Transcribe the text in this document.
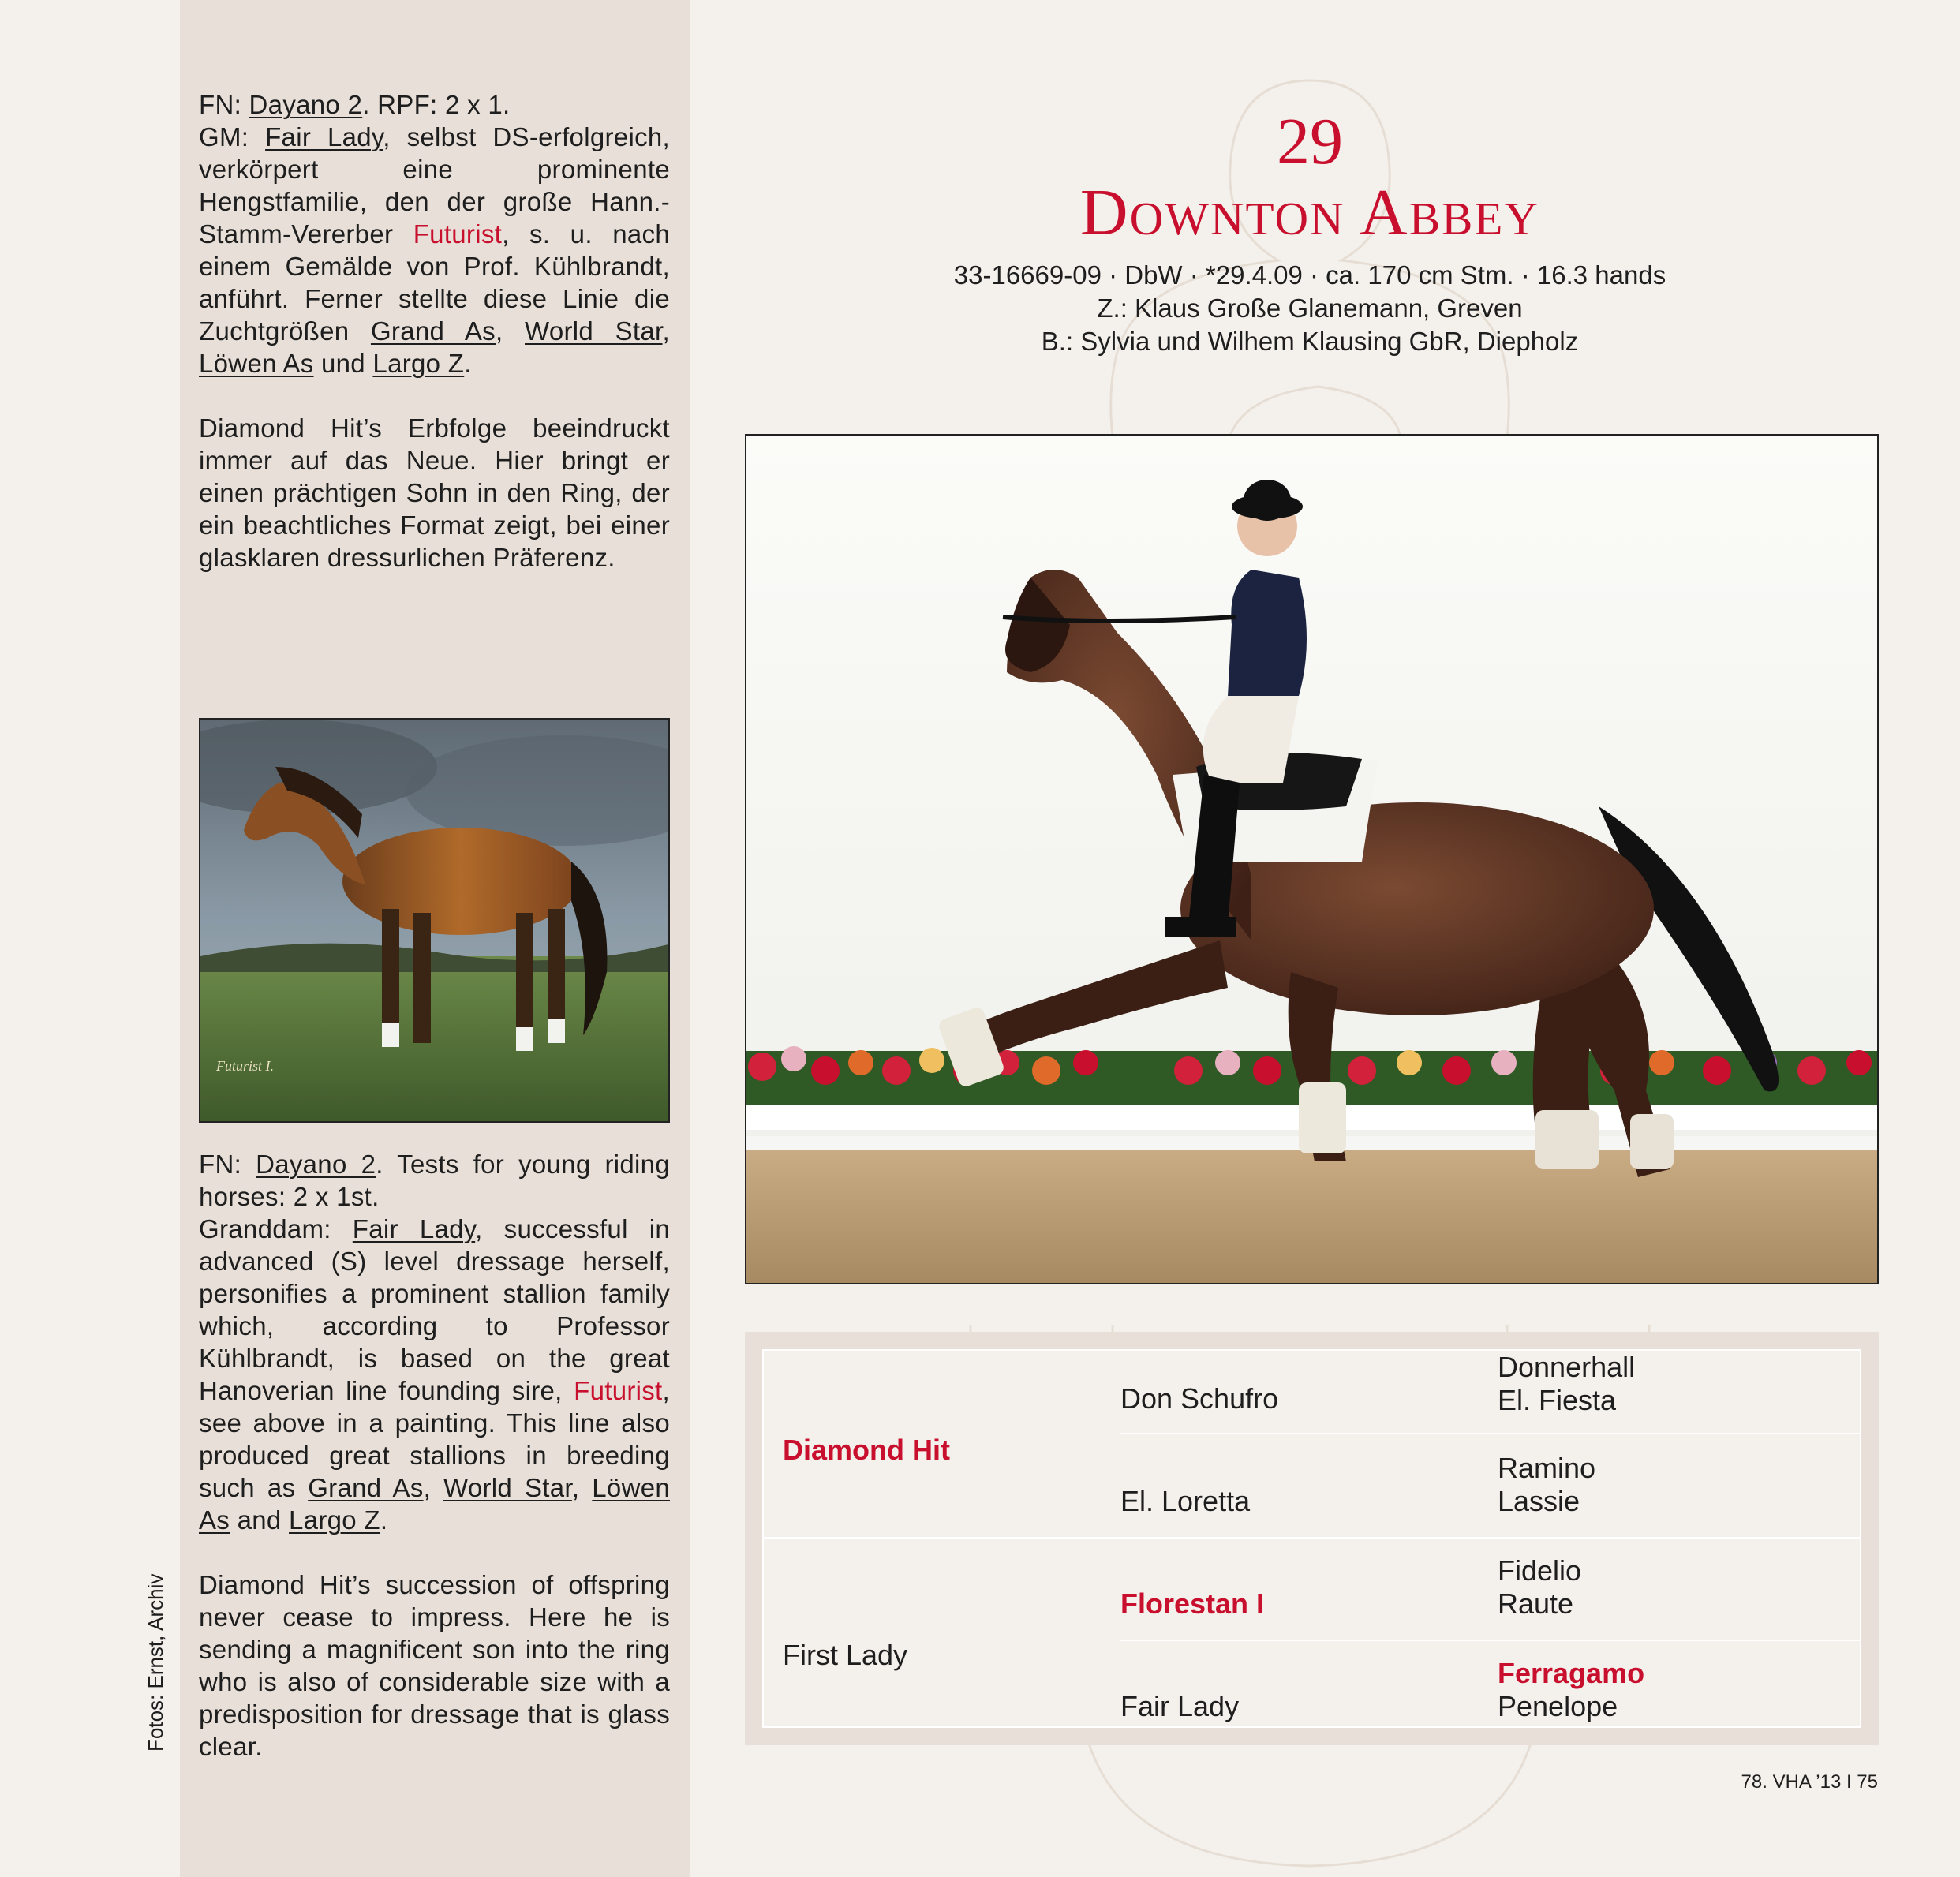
FN: Dayano 2. RPF: 2 x 1.
GM: Fair Lady, selbst DS-erfolgreich, verkörpert eine prominente Hengstfamilie, den der große Hann.-Stamm-Vererber Futurist, s. u. nach einem Gemälde von Prof. Kühlbrandt, anführt. Ferner stellte diese Linie die Zuchtgrößen Grand As, World Star, Löwen As und Largo Z.

Diamond Hit’s Erbfolge beeindruckt immer auf das Neue. Hier bringt er einen prächtigen Sohn in den Ring, der ein beachtliches Format zeigt, bei einer glasklaren dressurlichen Präferenz.

Futurist I.

FN: Dayano 2. Tests for young riding horses: 2 x 1st.
Granddam: Fair Lady, successful in advanced (S) level dressage herself, personifies a prominent stallion family which, according to Professor Kühlbrandt, is based on the great Hanoverian line founding sire, Futurist, see above in a painting. This line also produced great stallions in breeding such as Grand As, World Star, Löwen As and Largo Z.

Diamond Hit’s succession of offspring never cease to impress. Here he is sending a magnificent son into the ring who is also of considerable size with a predisposition for dressage that is glass clear.

Fotos: Ernst, Archiv
29
Downton Abbey
33-16669-09 · DbW · *29.4.09 · ca. 170 cm Stm. · 16.3 hands
Z.: Klaus Große Glanemann, Greven
B.: Sylvia und Wilhem Klausing GbR, Diepholz
Diamond Hit
First Lady
Don Schufro
El. Loretta
Florestan I
Fair Lady
Donnerhall
El. Fiesta
Ramino
Lassie
Fidelio
Raute
Ferragamo
Penelope
78. VHA ’13 I 75
